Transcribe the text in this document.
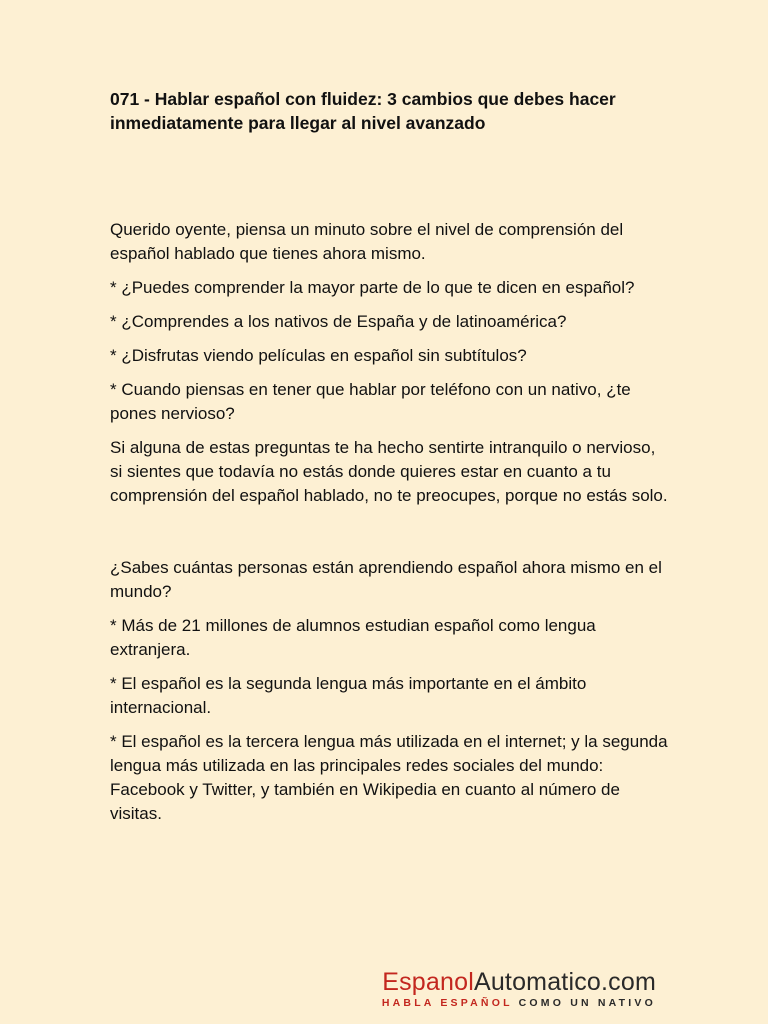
071 - Hablar español con fluidez: 3 cambios que debes hacer inmediatamente para llegar al nivel avanzado

Querido oyente, piensa un minuto sobre el nivel de comprensión del español hablado que tienes ahora mismo.

* ¿Puedes comprender la mayor parte de lo que te dicen en español?

* ¿Comprendes a los nativos de España y de latinoamérica?

* ¿Disfrutas viendo películas en español sin subtítulos?

* Cuando piensas en tener que hablar por teléfono con un nativo, ¿te pones nervioso?

Si alguna de estas preguntas te ha hecho sentirte intranquilo o nervioso, si sientes que todavía no estás donde quieres estar en cuanto a tu comprensión del español hablado, no te preocupes, porque no estás solo.

¿Sabes cuántas personas están aprendiendo español ahora mismo en el mundo?

* Más de 21 millones de alumnos estudian español como lengua extranjera.

* El español es la segunda lengua más importante en el ámbito internacional.

* El español es la tercera lengua más utilizada en el internet; y la segunda lengua más utilizada en las principales redes sociales del mundo: Facebook y Twitter, y también en Wikipedia en cuanto al número de visitas.

EspanolAutomatico.com
HABLA ESPAÑOL COMO UN NATIVO
